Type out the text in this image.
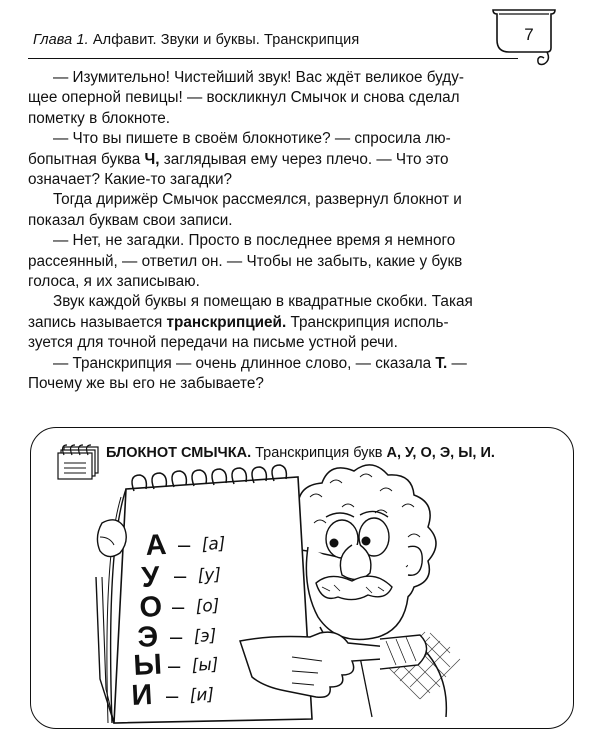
Глава 1. Алфавит. Звуки и буквы. Транскрипция	7

— Изумительно! Чистейший звук! Вас ждёт великое буду-

щее оперной певицы! — воскликнул Смычок и снова сделал

пометку в блокноте.

— Что вы пишете в своём блокнотике? — спросила лю-

бопытная буква Ч, заглядывая ему через плечо. — Что это

означает? Какие-то загадки?

Тогда дирижёр Смычок рассмеялся, развернул блокнот и

показал буквам свои записи.

— Нет, не загадки. Просто в последнее время я немного

рассеянный, — ответил он. — Чтобы не забыть, какие у букв

голоса, я их записываю.

Звук каждой буквы я помещаю в квадратные скобки. Такая

запись называется транскрипцией. Транскрипция исполь-

зуется для точной передачи на письме устной речи.

— Транскрипция — очень длинное слово, — сказала Т. —

Почему же вы его не забываете?

А
У
О
Э
Ы
И
–
–
–
–
–
–
[а]
[у]
[о]
[э]
[ы]
[и]
БЛОКНОТ СМЫЧКА. Транскрипция букв А, У, О, Э, Ы, И.
